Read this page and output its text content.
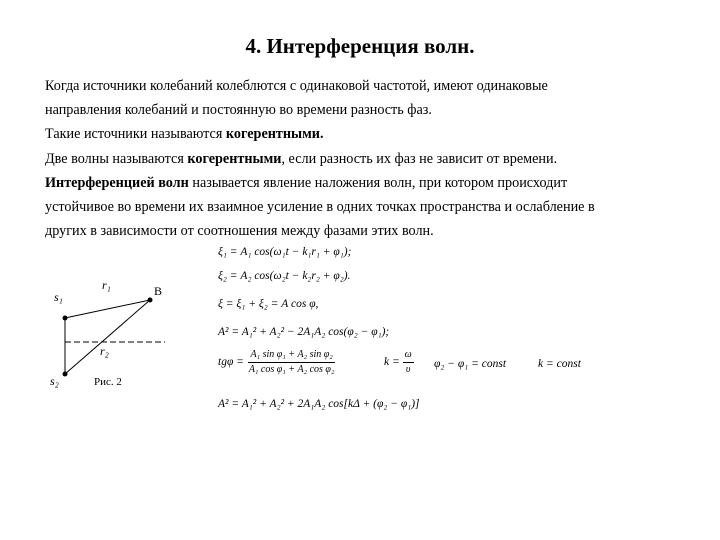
4. Интерференция волн.
Когда источники колебаний колеблются с одинаковой частотой, имеют одинаковые
направления колебаний и постоянную во времени разность фаз.
Такие источники называются когерентными.
Две волны называются когерентными, если разность их фаз не зависит от времени.
Интерференцией волн называется явление наложения волн, при котором происходит
устойчивое во времени их взаимное усиление в одних точках пространства и ослабление в
других в зависимости от соотношения между фазами этих волн.
s₁
s₂
r₁
r₂
B
Рис. 2
ξ₁ = A₁ cos(ω₁t − k₁r₁ + φ₁);
ξ₂ = A₂ cos(ω₂t − k₂r₂ + φ₂).
ξ = ξ₁ + ξ₂ = A cos φ,
A² = A₁² + A₂² − 2A₁A₂ cos(φ₂ − φ₁);
$tg\varphi = \frac{\text{A₁ sin φ₁ + A₂ sin φ₂}}{\text{A₁ cos φ₁ + A₂ cos φ₂}}$	$k = \frac{\omega}{\upsilon} \varphi_2 - \varphi_1$ = const	k = const
A² = A₁² + A₂² + 2A₁A₂ cos[kΔ + (φ₂ − φ₁)]
